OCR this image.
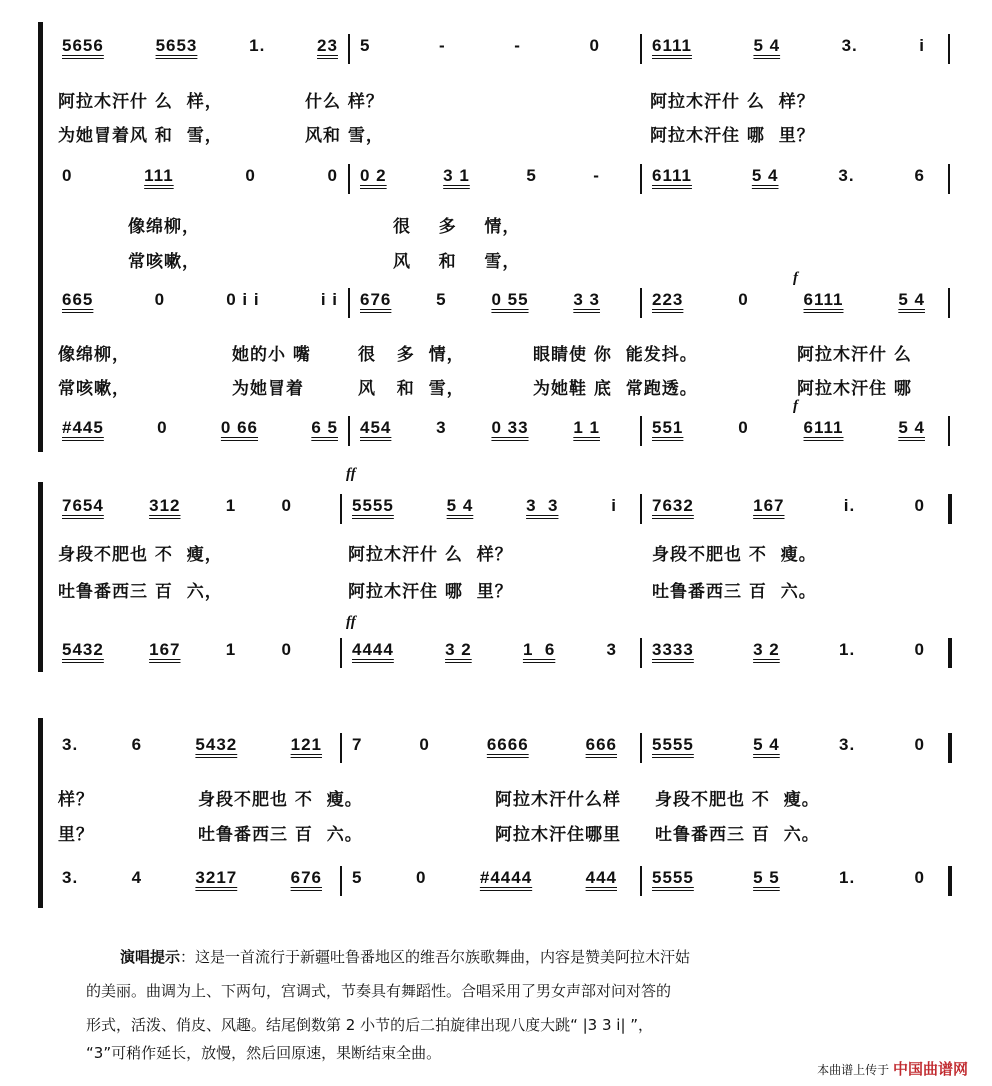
f
f
ff
ff
阿拉木汗什 么  样，	什么 样？	阿拉木汗什 么  样？
为她冒着风 和  雪，	风和 雪，	阿拉木汗住 哪  里？
像绵柳，	很    多    情，
常咳嗽，	风    和    雪，
像绵柳，	她的小 嘴	很   多  情，	眼睛使 你  能发抖。	阿拉木汗什 么
常咳嗽，	为她冒着	风   和  雪，	为她鞋 底  常跑透。	阿拉木汗住 哪
身段不肥也 不  瘦，	阿拉木汗什 么  样？	身段不肥也 不  瘦。
吐鲁番西三 百  六，	阿拉木汗住 哪  里？	吐鲁番西三 百  六。
样？	身段不肥也 不  瘦。	阿拉木汗什么样 身段不肥也 不  瘦。
里？	吐鲁番西三 百  六。	阿拉木汗住哪里 吐鲁番西三 百  六。
演唱提示：这是一首流行于新疆吐鲁番地区的维吾尔族歌舞曲，内容是赞美阿拉木汗姑
的美丽。曲调为上、下两句，宫调式，节奏具有舞蹈性。合唱采用了男女声部对问对答的
形式，活泼、俏皮、风趣。结尾倒数第 2 小节的后二拍旋律出现八度大跳“ |3 3 i| ”，
“3”可稍作延长，放慢，然后回原速，果断结束全曲。
本曲谱上传于 中国曲谱网
5656	5653	1.	23 5	-	-	0	6111	5 4	3.	i
0	111	0	0 0 2	3 1	5	-	6111	5 4	3.	6
665	0	0 i i	i i 676	5	0 55	3 3	223	0	6111	5 4
#445	0	0 66	6 5 454	3	0 33	1 1	551	0	6111	5 4
7654	312	1	0	5555	5 4	3  3	i 7632	167	i.	0
5432	167	1	0	4444	3 2	1  6	3 3333	3 2	1.	0
3.	6	5432	121 7	0	6666	666 5555	5 4	3.	0
3.	4	3217	676 5	0	#4444	444 5555	5 5	1.	0
